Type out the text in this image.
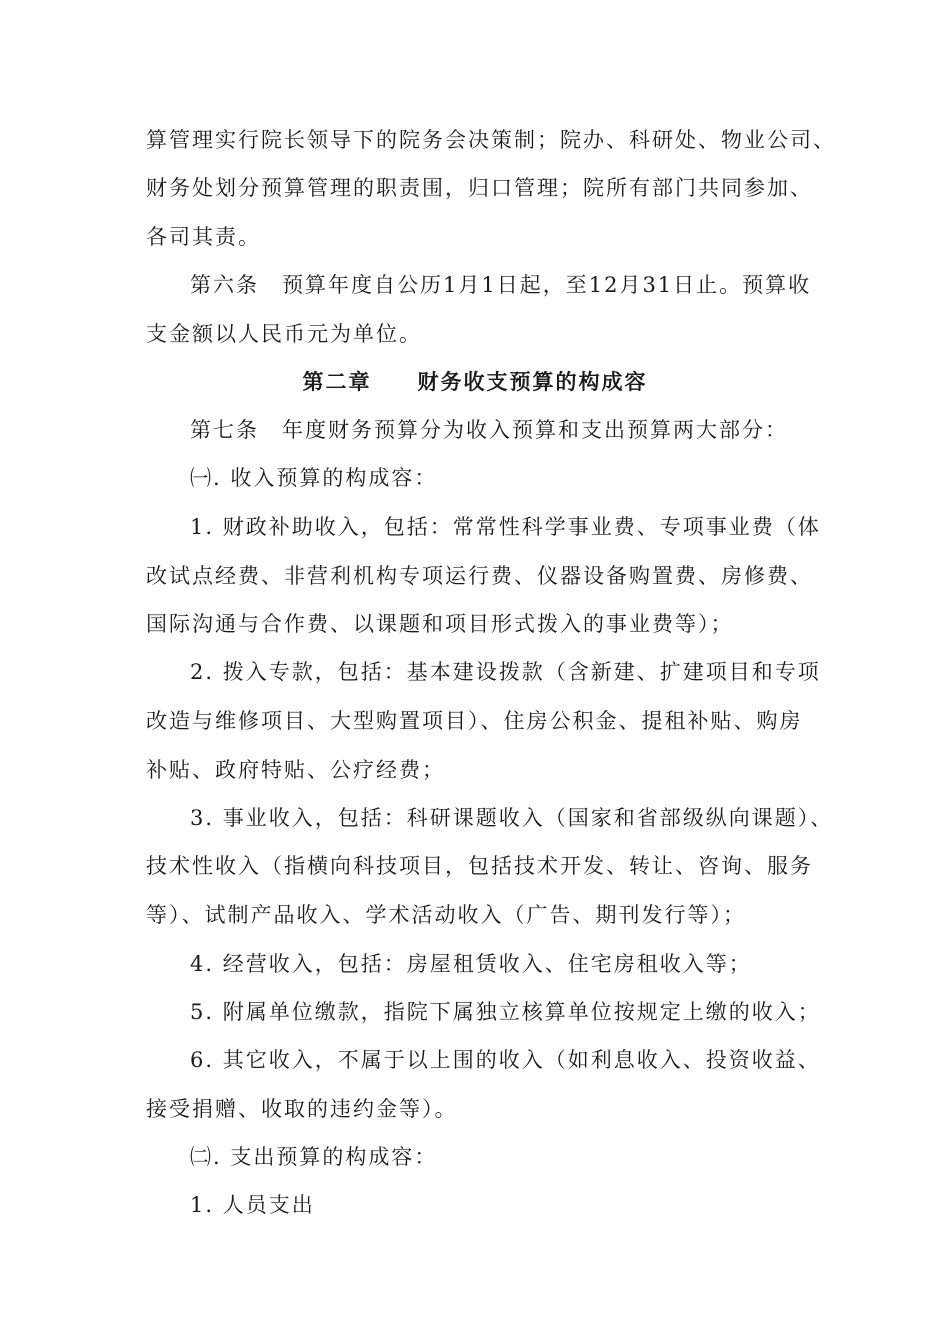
算管理实行院长领导下的院务会决策制；院办、科研处、物业公司、
财务处划分预算管理的职责围，归口管理；院所有部门共同参加、
各司其责。
第六条　预算年度自公历1月1日起，至12月31日止。预算收
支金额以人民币元为单位。
第二章　　财务收支预算的构成容
第七条　年度财务预算分为收入预算和支出预算两大部分：
㈠. 收入预算的构成容：
1. 财政补助收入，包括：常常性科学事业费、专项事业费（体
改试点经费、非营利机构专项运行费、仪器设备购置费、房修费、
国际沟通与合作费、以课题和项目形式拨入的事业费等）；
2. 拨入专款，包括：基本建设拨款（含新建、扩建项目和专项
改造与维修项目、大型购置项目）、住房公积金、提租补贴、购房
补贴、政府特贴、公疗经费；
3. 事业收入，包括：科研课题收入（国家和省部级纵向课题）、
技术性收入（指横向科技项目，包括技术开发、转让、咨询、服务
等）、试制产品收入、学术活动收入（广告、期刊发行等）；
4. 经营收入，包括：房屋租赁收入、住宅房租收入等；
5. 附属单位缴款，指院下属独立核算单位按规定上缴的收入；
6. 其它收入，不属于以上围的收入（如利息收入、投资收益、
接受捐赠、收取的违约金等）。
㈡. 支出预算的构成容：
1. 人员支出
